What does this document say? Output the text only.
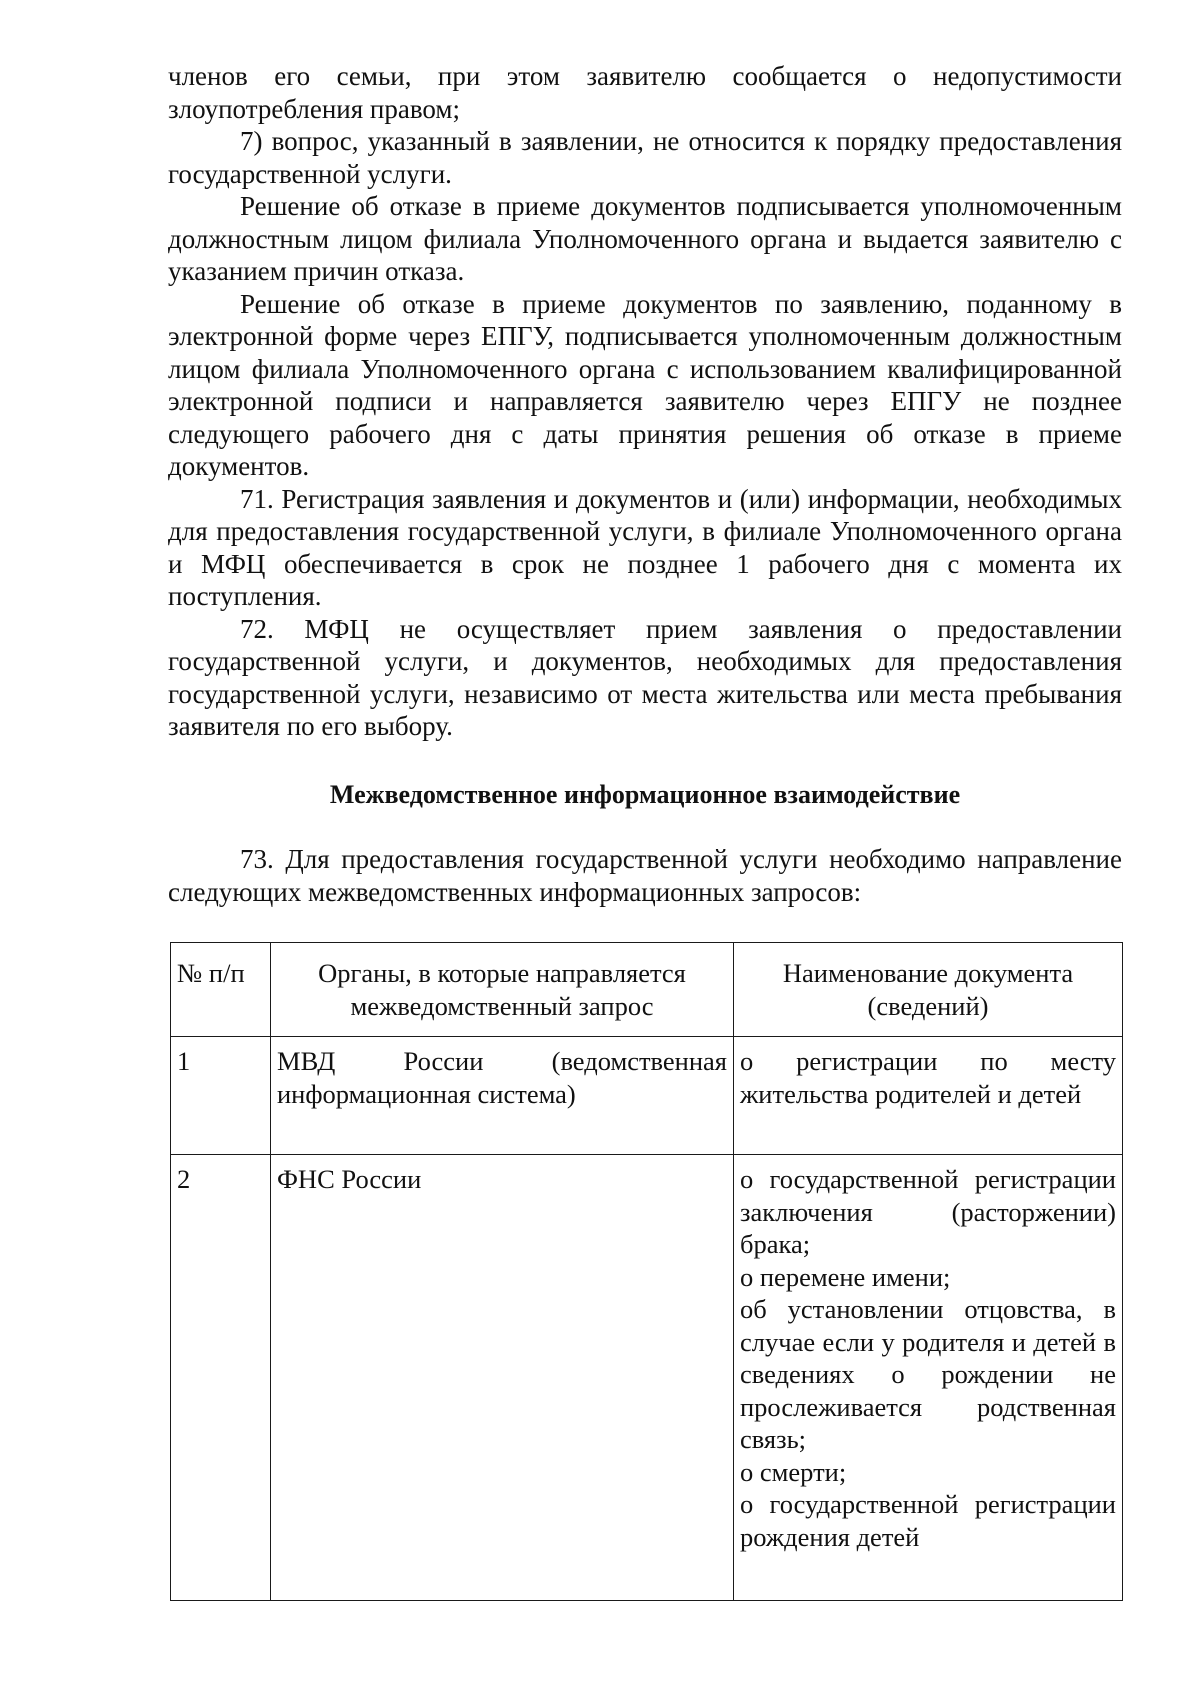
членов его семьи, при этом заявителю сообщается о недопустимости злоупотребления правом;

7) вопрос, указанный в заявлении, не относится к порядку предоставления государственной услуги.

Решение об отказе в приеме документов подписывается уполномоченным должностным лицом филиала Уполномоченного органа и выдается заявителю с указанием причин отказа.

Решение об отказе в приеме документов по заявлению, поданному в электронной форме через ЕПГУ, подписывается уполномоченным должностным лицом филиала Уполномоченного органа с использованием квалифицированной электронной подписи и направляется заявителю через ЕПГУ не позднее следующего рабочего дня с даты принятия решения об отказе в приеме документов.

71. Регистрация заявления и документов и (или) информации, необходимых для предоставления государственной услуги, в филиале Уполномоченного органа и МФЦ обеспечивается в срок не позднее 1 рабочего дня с момента их поступления.

72. МФЦ не осуществляет прием заявления о предоставлении государственной услуги, и документов, необходимых для предоставления государственной услуги, независимо от места жительства или места пребывания заявителя по его выбору.

Межведомственное информационное взаимодействие

73. Для предоставления государственной услуги необходимо направление следующих межведомственных информационных запросов:

№ п/п	Органы, в которые направляется межведомственный запрос	Наименование документа (сведений)
1	МВД России (ведомственная информационная система)	о регистрации по месту жительства родителей и детей
2	ФНС России	о государственной регистрации заключения (расторжении) брака;
о перемене имени;
об установлении отцовства, в случае если у родителя и детей в сведениях о рождении не прослеживается родственная связь;
о смерти;
о государственной регистрации рождения детей
